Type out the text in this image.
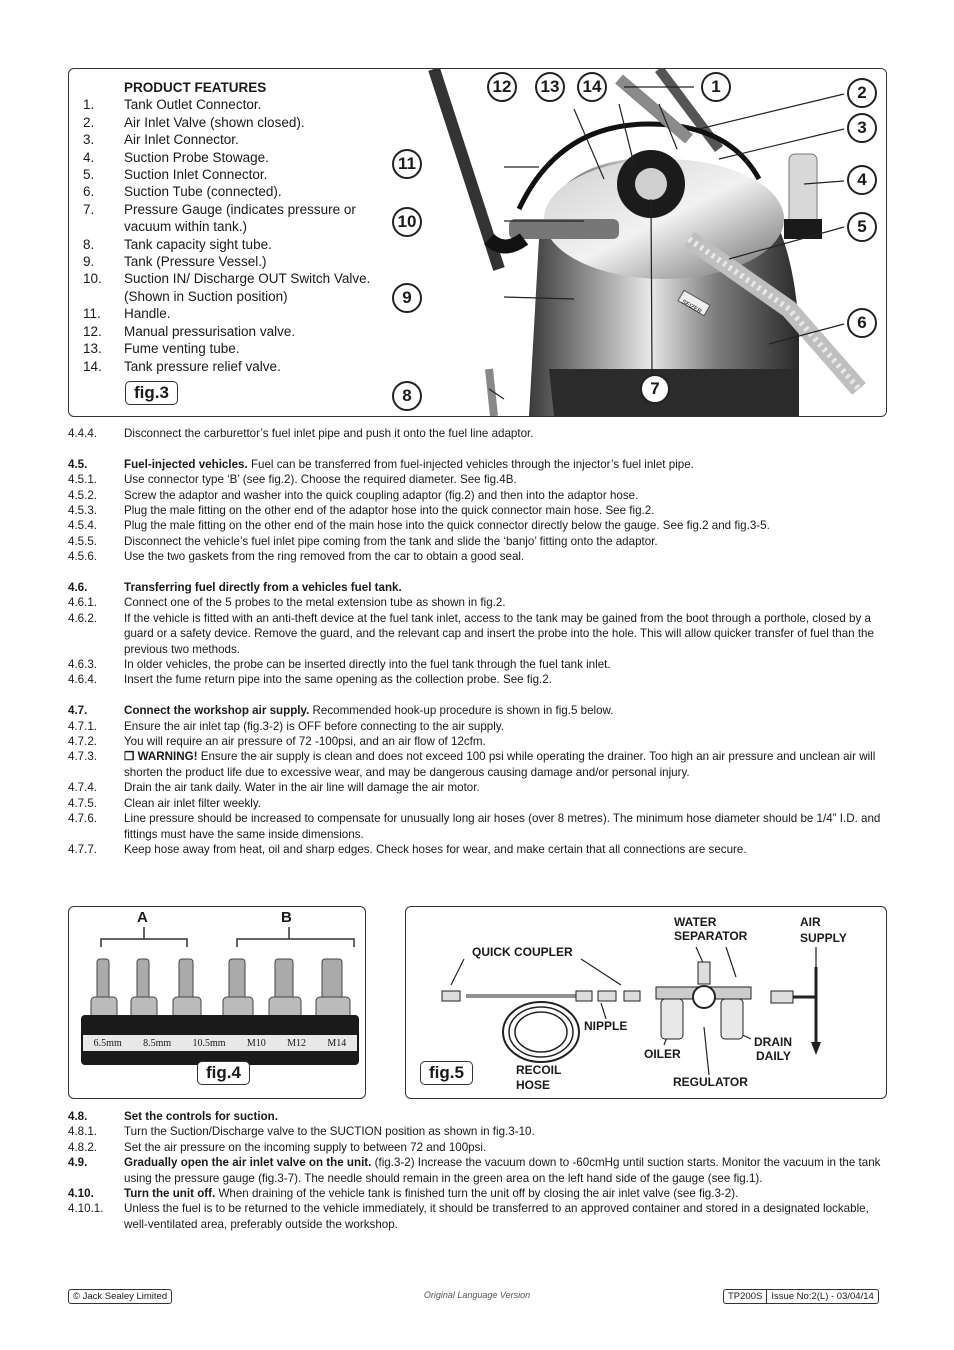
PRODUCT FEATURES
1.	Tank Outlet Connector.
2.	Air Inlet Valve (shown closed).
3.	Air Inlet Connector.
4.	Suction Probe Stowage.
5.	Suction Inlet Connector.
6.	Suction Tube (connected).
7.	Pressure Gauge (indicates pressure or vacuum within tank.)
8.	Tank capacity sight tube.
9.	Tank (Pressure Vessel.)
10.	Suction IN/ Discharge OUT Switch Valve. (Shown in Suction position)
11.	Handle.
12.	Manual pressurisation valve.
13.	Fume venting tube.
14.	Tank pressure relief valve.
SEIZER
1	2
3
4
5
6
7
8
9
10
11
12	13	14
fig.3
4.4.4.	Disconnect the carburettor’s fuel inlet pipe and push it onto the fuel line adaptor.
4.5.	Fuel-injected vehicles. Fuel can be transferred from fuel-injected vehicles through the injector’s fuel inlet pipe.
4.5.1.	Use connector type ‘B’ (see fig.2). Choose the required diameter. See fig.4B.
4.5.2.	Screw the adaptor and washer into the quick coupling adaptor (fig.2) and then into the adaptor hose.
4.5.3.	Plug the male fitting on the other end of the adaptor hose into the quick connector main hose. See fig.2.
4.5.4.	Plug the male fitting on the other end of the main hose into the quick connector directly below the gauge. See fig.2 and fig.3-5.
4.5.5.	Disconnect the vehicle’s fuel inlet pipe coming from the tank and slide the ‘banjo’ fitting onto the adaptor.
4.5.6.	Use the two gaskets from the ring removed from the car to obtain a good seal.
4.6.	Transferring fuel directly from a vehicles fuel tank.
4.6.1.	Connect one of the 5 probes to the metal extension tube as shown in fig.2.
4.6.2.	If the vehicle is fitted with an anti-theft device at the fuel tank inlet, access to the tank may be gained from the boot through a porthole, closed by a guard or a safety device. Remove the guard, and the relevant cap and insert the probe into the hole. This will allow quicker transfer of fuel than the previous two methods.
4.6.3.	In older vehicles, the probe can be inserted directly into the fuel tank through the fuel tank inlet.
4.6.4.	Insert the fume return pipe into the same opening as the collection probe. See fig.2.
4.7.	Connect the workshop air supply. Recommended hook-up procedure is shown in fig.5 below.
4.7.1.	Ensure the air inlet tap (fig.3-2) is OFF before connecting to the air supply.
4.7.2.	You will require an air pressure of 72 -100psi, and an air flow of 12cfm.
4.7.3.	❒ WARNING! Ensure the air supply is clean and does not exceed 100 psi while operating the drainer. Too high an air pressure and unclean air will shorten the product life due to excessive wear, and may be dangerous causing damage and/or personal injury.
4.7.4.	Drain the air tank daily. Water in the air line will damage the air motor.
4.7.5.	Clean air inlet filter weekly.
4.7.6.	Line pressure should be increased to compensate for unusually long air hoses (over 8 metres). The minimum hose diameter should be 1/4” I.D. and fittings must have the same inside dimensions.
4.7.7.	Keep hose away from heat, oil and sharp edges. Check hoses for wear, and make certain that all connections are secure.
A	B
6.5mm 8.5mm 10.5mm M10 M12 M14
fig.4
QUICK COUPLER
WATER
SEPARATOR
AIR
SUPPLY
NIPPLE
OILER
DRAIN
DAILY
RECOIL
HOSE	REGULATOR
fig.5
4.8.	Set the controls for suction.
4.8.1.	Turn the Suction/Discharge valve to the SUCTION position as shown in fig.3-10.
4.8.2.	Set the air pressure on the incoming supply to between 72 and 100psi.
4.9.	Gradually open the air inlet valve on the unit. (fig.3-2) Increase the vacuum down to -60cmHg until suction starts. Monitor the vacuum in the tank using the pressure gauge (fig.3-7). The needle should remain in the green area on the left hand side of the gauge (see fig.1).
4.10.	Turn the unit off. When draining of the vehicle tank is finished turn the unit off by closing the air inlet valve (see fig.3-2).
4.10.1.	Unless the fuel is to be returned to the vehicle immediately, it should be transferred to an approved container and stored in a designated lockable, well-ventilated area, preferably outside the workshop.
© Jack Sealey Limited	Original Language Version	TP200S Issue No:2(L) - 03/04/14
